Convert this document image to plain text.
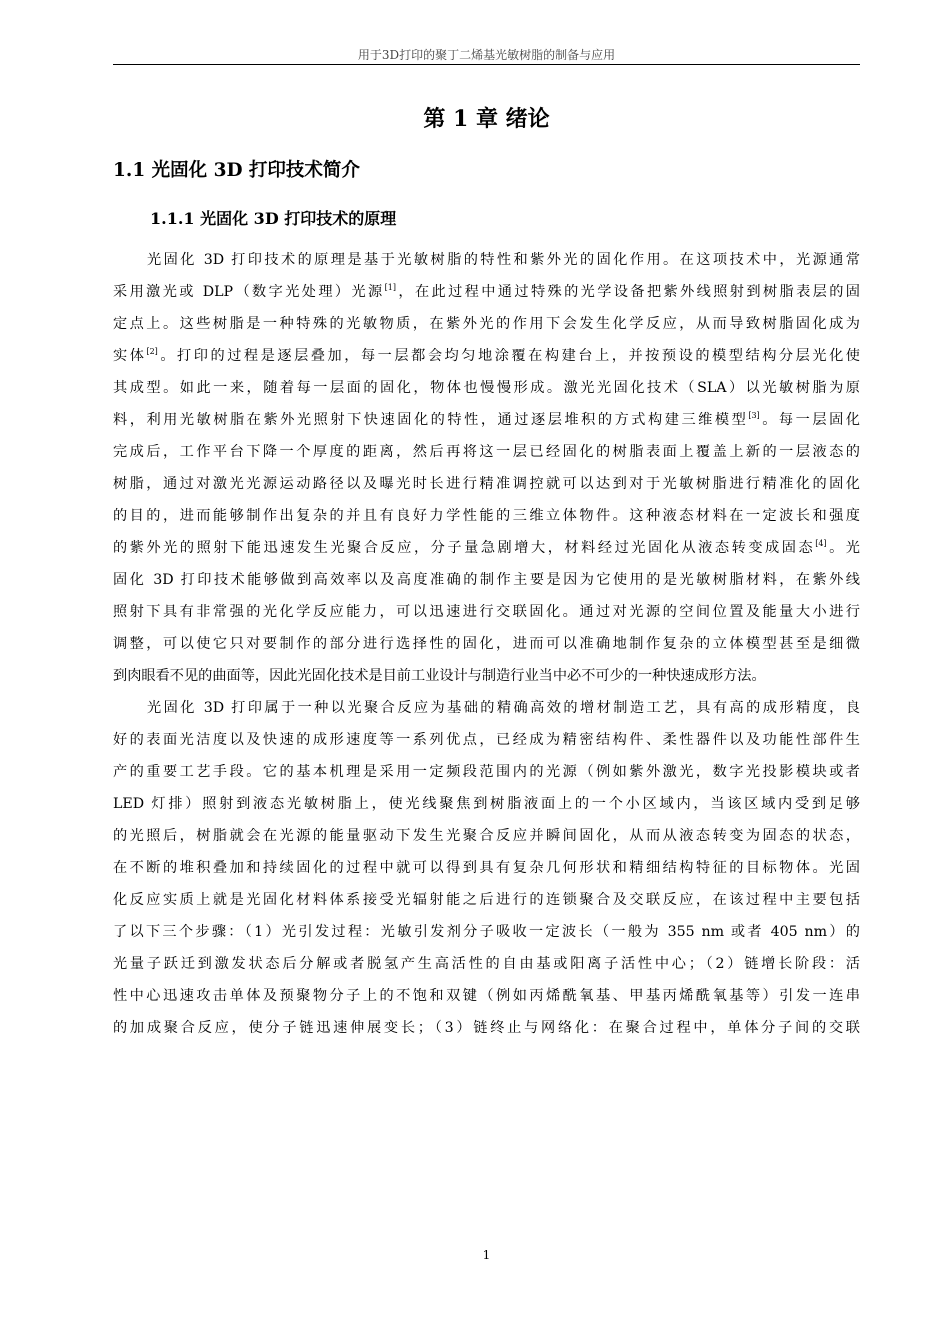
用于3D打印的聚丁二烯基光敏树脂的制备与应用
第 1 章 绪论
1.1 光固化 3D 打印技术简介
1.1.1 光固化 3D 打印技术的原理
光固化 3D 打印技术的原理是基于光敏树脂的特性和紫外光的固化作用。在这项技术中，光源通常
采用激光或 DLP（数字光处理）光源[1]，在此过程中通过特殊的光学设备把紫外线照射到树脂表层的固
定点上。这些树脂是一种特殊的光敏物质，在紫外光的作用下会发生化学反应，从而导致树脂固化成为
实体[2]。打印的过程是逐层叠加，每一层都会均匀地涂覆在构建台上，并按预设的模型结构分层光化使
其成型。如此一来，随着每一层面的固化，物体也慢慢形成。激光光固化技术（SLA）以光敏树脂为原
料，利用光敏树脂在紫外光照射下快速固化的特性，通过逐层堆积的方式构建三维模型[3]。每一层固化
完成后，工作平台下降一个厚度的距离，然后再将这一层已经固化的树脂表面上覆盖上新的一层液态的
树脂，通过对激光光源运动路径以及曝光时长进行精准调控就可以达到对于光敏树脂进行精准化的固化
的目的，进而能够制作出复杂的并且有良好力学性能的三维立体物件。这种液态材料在一定波长和强度
的紫外光的照射下能迅速发生光聚合反应，分子量急剧增大，材料经过光固化从液态转变成固态[4]。光
固化 3D 打印技术能够做到高效率以及高度准确的制作主要是因为它使用的是光敏树脂材料，在紫外线
照射下具有非常强的光化学反应能力，可以迅速进行交联固化。通过对光源的空间位置及能量大小进行
调整，可以使它只对要制作的部分进行选择性的固化，进而可以准确地制作复杂的立体模型甚至是细微
到肉眼看不见的曲面等，因此光固化技术是目前工业设计与制造行业当中必不可少的一种快速成形方法。
光固化 3D 打印属于一种以光聚合反应为基础的精确高效的增材制造工艺，具有高的成形精度，良
好的表面光洁度以及快速的成形速度等一系列优点，已经成为精密结构件、柔性器件以及功能性部件生
产的重要工艺手段。它的基本机理是采用一定频段范围内的光源（例如紫外激光，数字光投影模块或者
LED 灯排）照射到液态光敏树脂上，使光线聚焦到树脂液面上的一个小区域内，当该区域内受到足够
的光照后，树脂就会在光源的能量驱动下发生光聚合反应并瞬间固化，从而从液态转变为固态的状态，
在不断的堆积叠加和持续固化的过程中就可以得到具有复杂几何形状和精细结构特征的目标物体。光固
化反应实质上就是光固化材料体系接受光辐射能之后进行的连锁聚合及交联反应，在该过程中主要包括
了以下三个步骤：（1）光引发过程：光敏引发剂分子吸收一定波长（一般为 355 nm 或者 405 nm）的
光量子跃迁到激发状态后分解或者脱氢产生高活性的自由基或阳离子活性中心；（2）链增长阶段：活
性中心迅速攻击单体及预聚物分子上的不饱和双键（例如丙烯酰氧基、甲基丙烯酰氧基等）引发一连串
的加成聚合反应，使分子链迅速伸展变长；（3）链终止与网络化：在聚合过程中，单体分子间的交联
1
